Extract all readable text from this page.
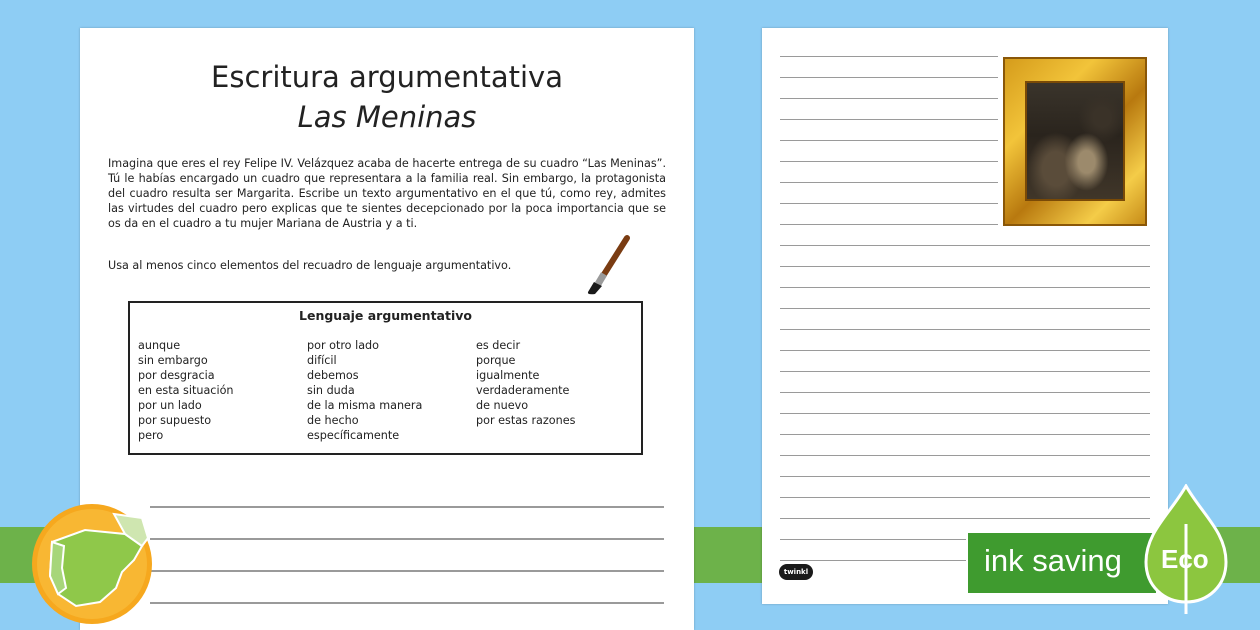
Escritura argumentativa
Las Meninas
Imagina que eres el rey Felipe IV. Velázquez acaba de hacerte entrega de su cuadro “Las Meninas”. Tú le habías encargado un cuadro que representara a la familia real. Sin embargo, la protagonista del cuadro resulta ser Margarita. Escribe un texto argumentativo en el que tú, como rey, admites las virtudes del cuadro pero explicas que te sientes decepcionado por la poca importancia que se os da en el cuadro a tu mujer Mariana de Austria y a ti.
Usa al menos cinco elementos del recuadro de lenguaje argumentativo.
Lenguaje argumentativo
aunque
sin embargo
por desgracia
en esta situación
por un lado
por supuesto
pero
por otro lado
difícil
debemos
sin duda
de la misma manera
de hecho
específicamente
es decir
porque
igualmente
verdaderamente
de nuevo
por estas razones
twinkl	ink saving Eco
